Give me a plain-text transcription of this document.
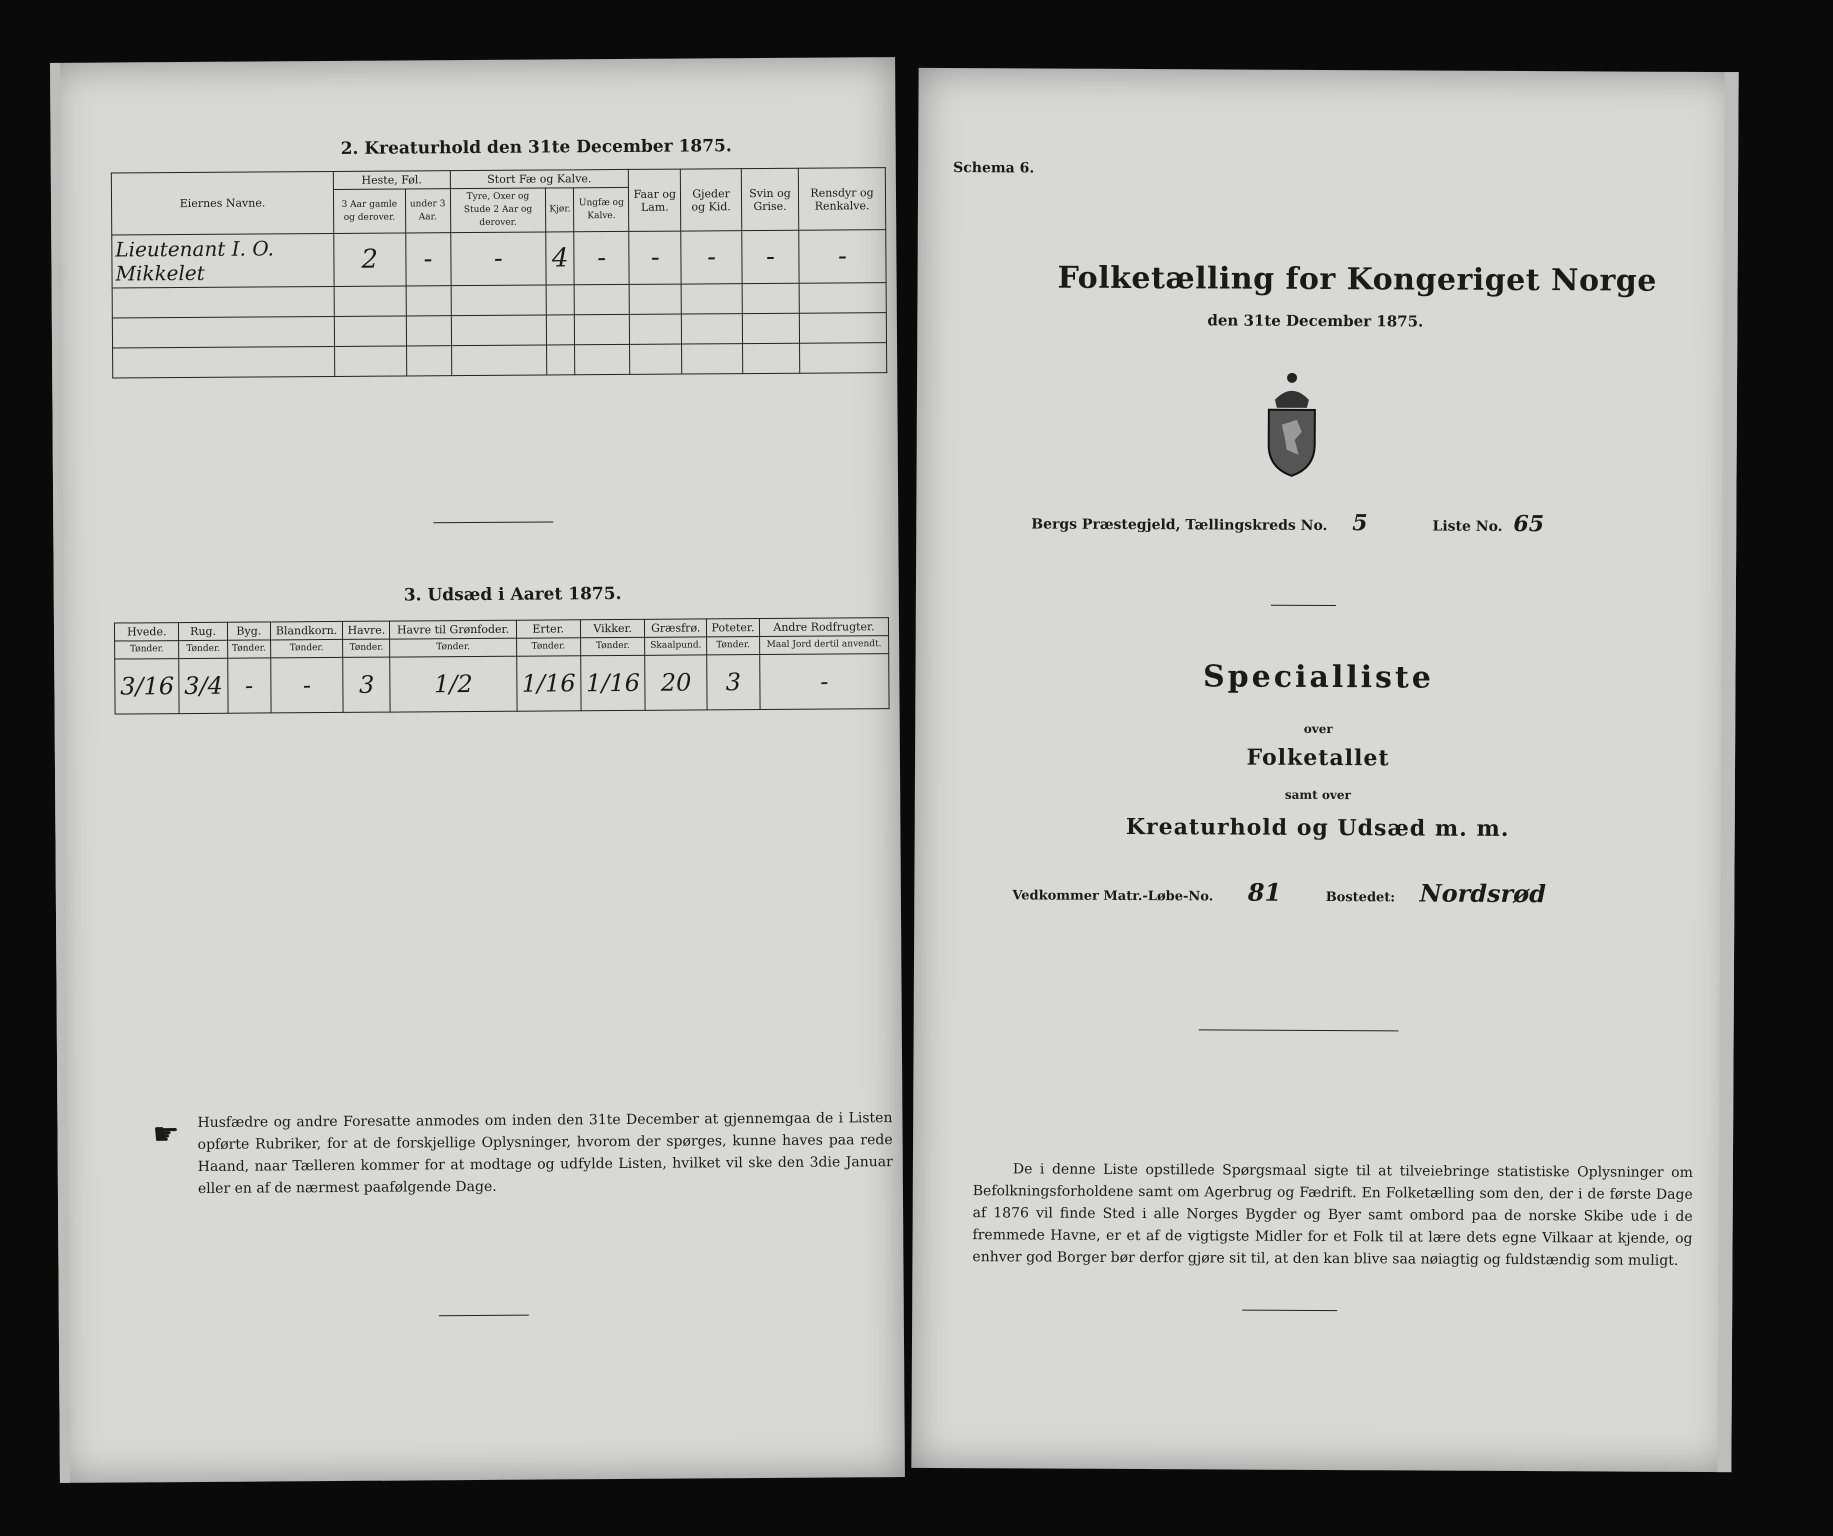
2. Kreaturhold den 31te December 1875.
Eiernes Navne.	Heste, Føl.		Stort Fæ og Kalve.			Faar og Lam.	Gjeder og Kid.	Svin og Grise.	Rensdyr og Renkalve.
	3 Aar gamle og derover.	under 3 Aar.	Tyre, Oxer og Stude 2 Aar og derover.	Kjør.	Ungfæ og Kalve.				
Lieutenant I. O. Mikkelet	2	-	-	4	-	-	-	-	-

3. Udsæd i Aaret 1875.
Hvede.	Rug.	Byg.	Blandkorn.	Havre.	Havre til Grønfoder.	Erter.	Vikker.	Græsfrø.	Poteter.	Andre Rodfrugter.
Tønder.	Tønder.	Tønder.	Tønder.	Tønder.	Tønder.	Tønder.	Tønder.	Skaalpund.	Tønder.	Maal Jord dertil anvendt.
3/16	3/4	-	-	3	1/2	1/16	1/16	20	3	-
☛ Husfædre og andre Foresatte anmodes om inden den 31te December at gjennemgaa de i Listen opførte Rubriker, for at de forskjellige Oplysninger, hvorom der spørges, kunne haves paa rede Haand, naar Tælleren kommer for at modtage og udfylde Listen, hvilket vil ske den 3die Januar eller en af de nærmest paafølgende Dage.
Schema 6.
Folketælling for Kongeriget Norge
den 31te December 1875.
Bergs Præstegjeld, Tællingskreds No. 5	Liste No. 65
Specialliste
over
Folketallet
samt over
Kreaturhold og Udsæd m. m.
Vedkommer Matr.-Løbe-No. 81	Bostedet: Nordsrød
De i denne Liste opstillede Spørgsmaal sigte til at tilveiebringe statistiske Oplysninger om Befolkningsforholdene samt om Agerbrug og Fædrift. En Folketælling som den, der i de første Dage af 1876 vil finde Sted i alle Norges Bygder og Byer samt ombord paa de norske Skibe ude i de fremmede Havne, er et af de vigtigste Midler for et Folk til at lære dets egne Vilkaar at kjende, og enhver god Borger bør derfor gjøre sit til, at den kan blive saa nøiagtig og fuldstændig som muligt.
